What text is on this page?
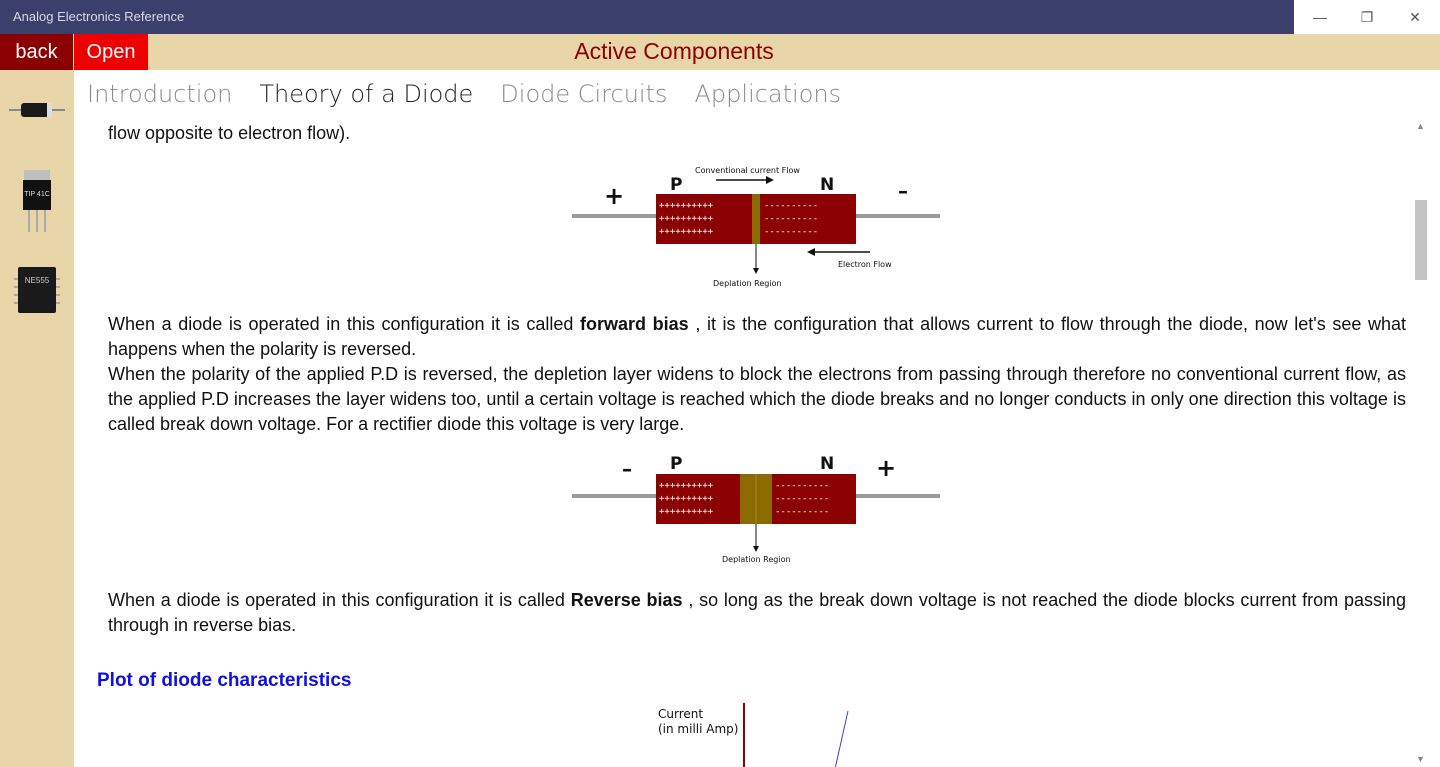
Analog Electronics Reference	— ❐	✕
Active Components
back	Open
TIP 41C
NE555
Introduction Theory of a Diode Diode Circuits Applications

flow opposite to electron flow).

++++++++++
++++++++++
++++++++++
----------
----------
----------
+	–
P	N
Conventional current Flow
Deplation Region
Electron Flow

When a diode is operated in this configuration it is called forward bias , it is the configuration that allows current to flow through the diode, now let's see what happens when the polarity is reversed.

When the polarity of the applied P.D is reversed, the depletion layer widens to block the electrons from passing through therefore no conventional current flow, as the applied P.D increases the layer widens too, until a certain voltage is reached which the diode breaks and no longer conducts in only one direction this voltage is called break down voltage. For a rectifier diode this voltage is very large.

++++++++++
++++++++++
++++++++++
----------
----------
----------
–	+
P	N
Deplation Region

When a diode is operated in this configuration it is called Reverse bias , so long as the break down voltage is not reached the diode blocks current from passing through in reverse bias.

Plot of diode characteristics
Current
(in milli Amp)
▲
▼
